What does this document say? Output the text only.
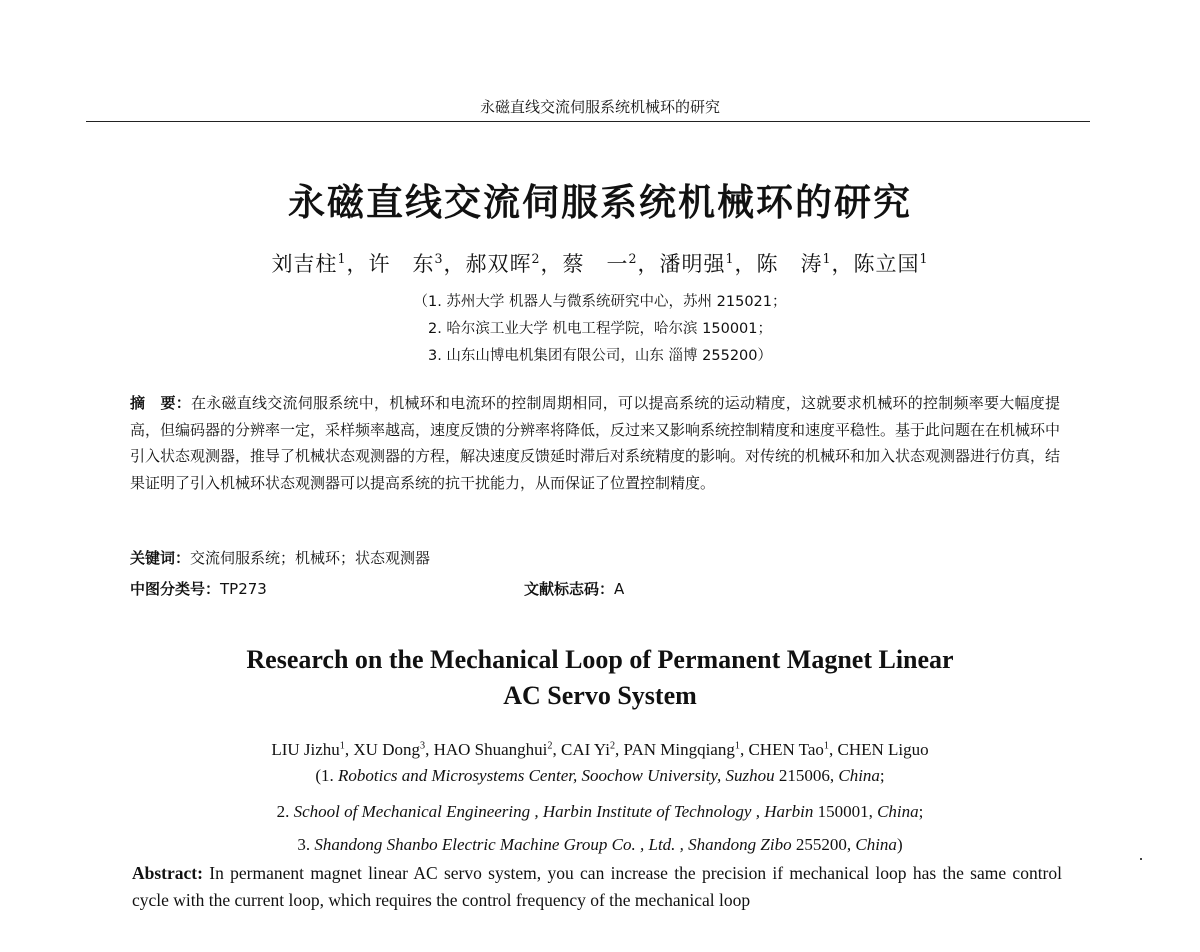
永磁直线交流伺服系统机械环的研究
永磁直线交流伺服系统机械环的研究
刘吉柱$^1$，许　东$^3$，郝双晖$^2$，蔡　一$^2$，潘明强$^1$，陈　涛$^1$，陈立国$^1$
（1. 苏州大学 机器人与微系统研究中心，苏州 215021；
2. 哈尔滨工业大学 机电工程学院，哈尔滨 150001；
3. 山东山博电机集团有限公司，山东 淄博 255200）
摘　要：在永磁直线交流伺服系统中，机械环和电流环的控制周期相同，可以提高系统的运动精度，这就要求机械环的控制频率要大幅度提高，但编码器的分辨率一定，采样频率越高，速度反馈的分辨率将降低，反过来又影响系统控制精度和速度平稳性。基于此问题在在机械环中引入状态观测器，推导了机械状态观测器的方程，解决速度反馈延时滞后对系统精度的影响。对传统的机械环和加入状态观测器进行仿真，结果证明了引入机械环状态观测器可以提高系统的抗干扰能力，从而保证了位置控制精度。
关键词：交流伺服系统；机械环；状态观测器
中图分类号：TP273	文献标志码：A
Research on the Mechanical Loop of Permanent Magnet Linear
AC Servo System
LIU Jizhu$^1$, XU Dong$^3$, HAO Shuanghui$^2$, CAI Yi$^2$, PAN Mingqiang$^1$, CHEN Tao$^1$, CHEN Liguo
(1. Robotics and Microsystems Center, Soochow University, Suzhou 215006, China;
2. School of Mechanical Engineering , Harbin Institute of Technology , Harbin 150001, China;
3. Shandong Shanbo Electric Machine Group Co. , Ltd. , Shandong Zibo 255200, China)
Abstract: In permanent magnet linear AC servo system, you can increase the precision if mechanical loop has the same control cycle with the current loop, which requires the control frequency of the mechanical loop
